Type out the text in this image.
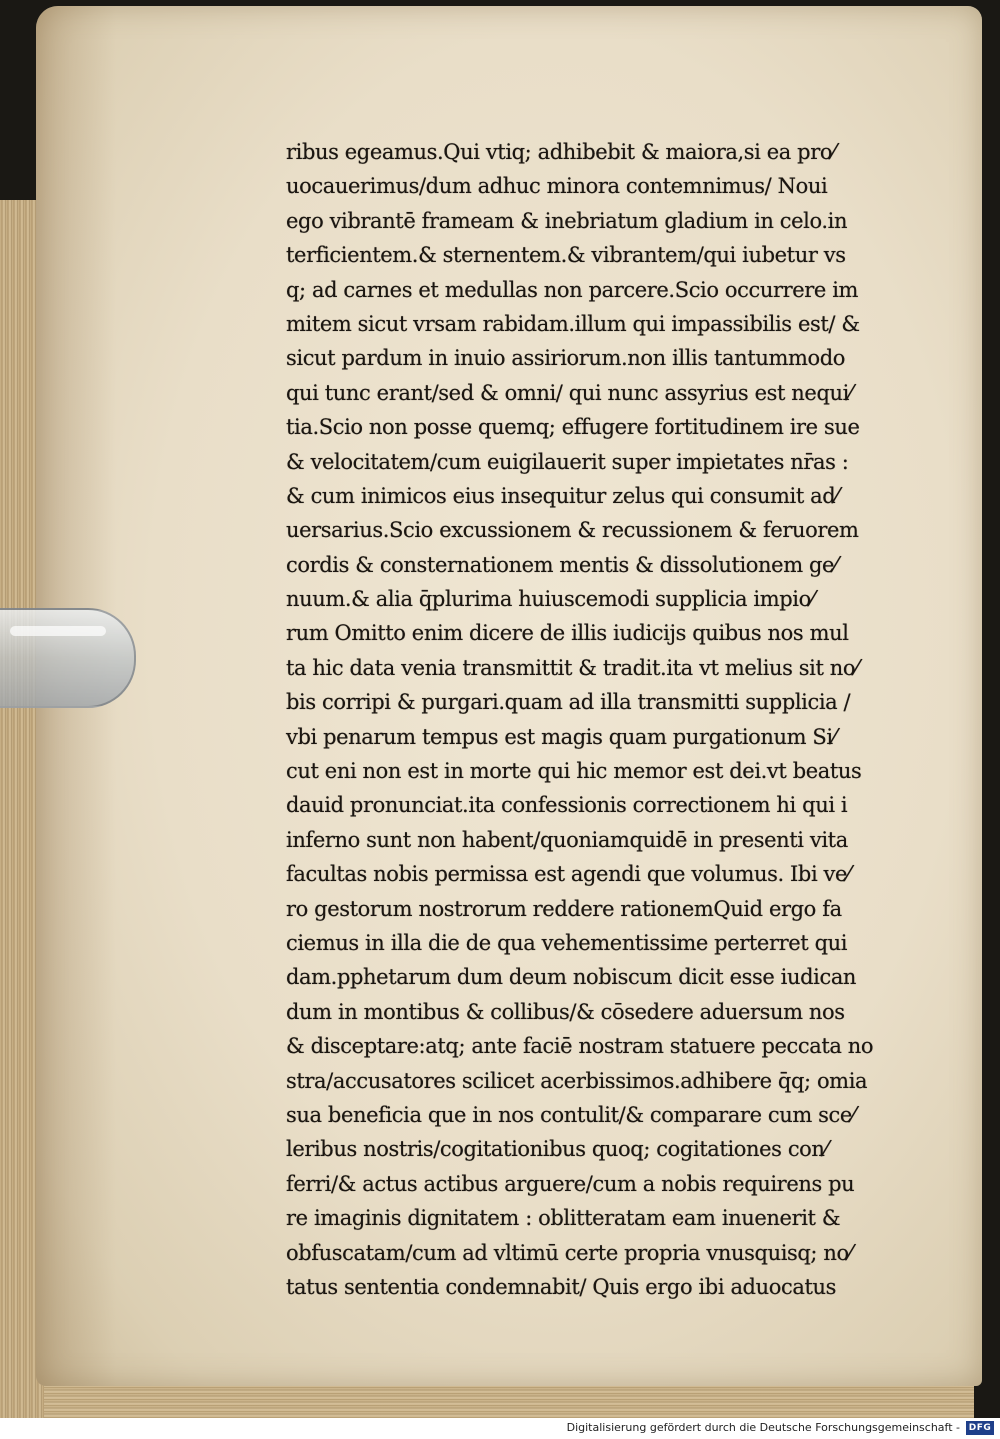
ribus egeamus.Qui vtiq; adhibebit & maiora,si ea pro⁄
uocauerimus/dum adhuc minora contemnimus/ Noui
ego vibrantē frameam & inebriatum gladium in celo.in
terficientem.& sternentem.& vibrantem/qui iubetur vs
q; ad carnes et medullas non parcere.Scio occurrere im
mitem sicut vrsam rabidam.illum qui impassibilis est/ &
sicut pardum in inuio assiriorum.non illis tantummodo
qui tunc erant/sed & omni/ qui nunc assyrius est nequi⁄
tia.Scio non posse quemq; effugere fortitudinem ire sue
& velocitatem/cum euigilauerit super impietates nr̄as :
& cum inimicos eius insequitur zelus qui consumit ad⁄
uersarius.Scio excussionem & recussionem & feruorem
cordis & consternationem mentis & dissolutionem ge⁄
nuum.& alia q̄plurima huiuscemodi supplicia impio⁄
rum Omitto enim dicere de illis iudicijs quibus nos mul
ta hic data venia transmittit & tradit.ita vt melius sit no⁄
bis corripi & purgari.quam ad illa transmitti supplicia /
vbi penarum tempus est magis quam purgationum Si⁄
cut eni non est in morte qui hic memor est dei.vt beatus
dauid pronunciat.ita confessionis correctionem hi qui i
inferno sunt non habent/quoniamquidē in presenti vita
facultas nobis permissa est agendi que volumus. Ibi ve⁄
ro gestorum nostrorum reddere rationemQuid ergo fa
ciemus in illa die de qua vehementissime perterret qui
dam.pphetarum dum deum nobiscum dicit esse iudican
dum in montibus & collibus/& cōsedere aduersum nos
& disceptare:atq; ante faciē nostram statuere peccata no
stra/accusatores scilicet acerbissimos.adhibere q̄q; omia
sua beneficia que in nos contulit/& comparare cum sce⁄
leribus nostris/cogitationibus quoq; cogitationes con⁄
ferri/& actus actibus arguere/cum a nobis requirens pu
re imaginis dignitatem : oblitteratam eam inuenerit &
obfuscatam/cum ad vltimū certe propria vnusquisq; no⁄
tatus sententia condemnabit/ Quis ergo ibi aduocatus
Digitalisierung gefördert durch die Deutsche Forschungsgemeinschaft - DFG
